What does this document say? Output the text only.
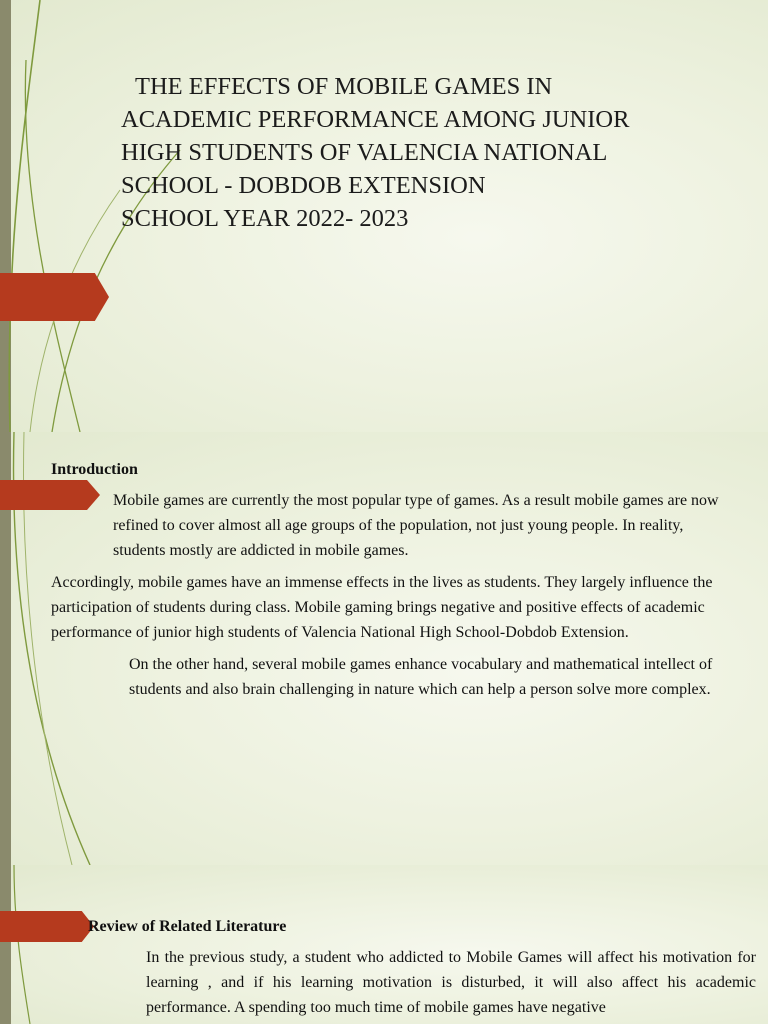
THE EFFECTS OF MOBILE GAMES IN
ACADEMIC PERFORMANCE AMONG JUNIOR
HIGH STUDENTS OF VALENCIA NATIONAL
SCHOOL - DOBDOB EXTENSION
SCHOOL YEAR 2022- 2023

Introduction

Mobile games are currently the most popular type of games. As a result mobile games are now refined to cover almost all age groups of the population, not just young people. In reality, students mostly are addicted in mobile games.

Accordingly, mobile games have an immense effects in the lives as students. They largely influence the participation of students during class. Mobile gaming brings negative and positive effects of academic performance of junior high students of Valencia National High School-Dobdob Extension.

On the other hand, several mobile games enhance vocabulary and mathematical intellect of students and also brain challenging in nature which can help a person solve more complex.

Review of Related Literature

In the previous study, a student who addicted to Mobile Games will affect his motivation for learning , and if his learning motivation is disturbed, it will also affect his academic performance. A spending too much time of mobile games have negative
